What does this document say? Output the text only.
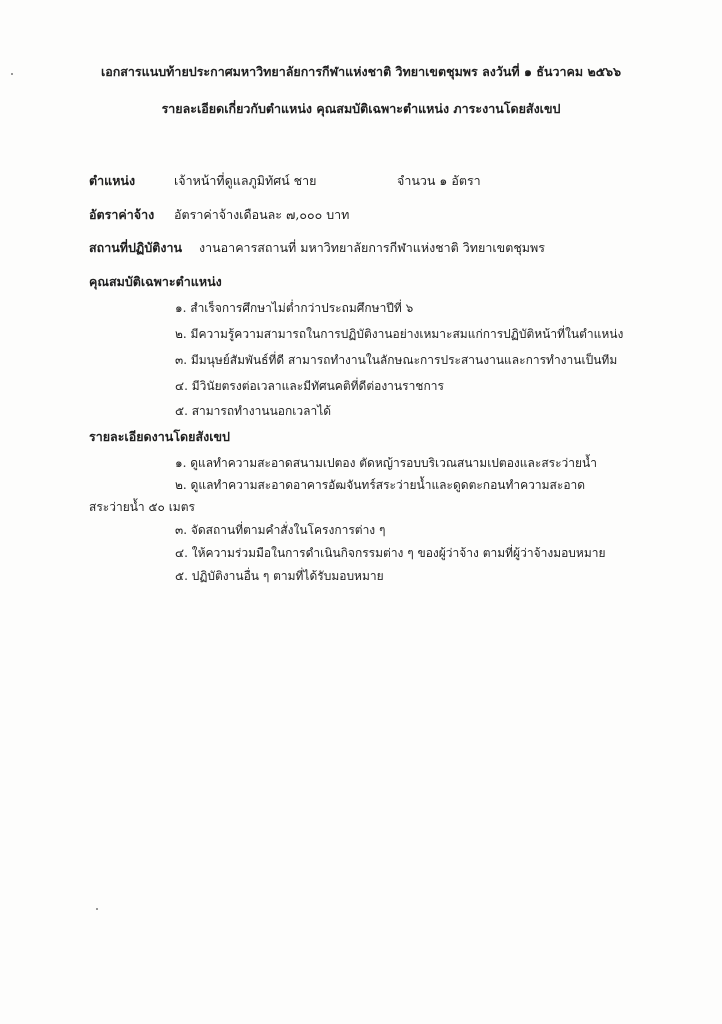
เอกสารแนบท้ายประกาศมหาวิทยาลัยการกีฬาแห่งชาติ วิทยาเขตชุมพร ลงวันที่ ๑ ธันวาคม ๒๕๖๖
รายละเอียดเกี่ยวกับตำแหน่ง คุณสมบัติเฉพาะตำแหน่ง ภาระงานโดยสังเขป
ตำแหน่ง	เจ้าหน้าที่ดูแลภูมิทัศน์ ชาย	จำนวน ๑ อัตรา
อัตราค่าจ้าง อัตราค่าจ้างเดือนละ ๗,๐๐๐ บาท
สถานที่ปฏิบัติงาน งานอาคารสถานที่ มหาวิทยาลัยการกีฬาแห่งชาติ วิทยาเขตชุมพร
คุณสมบัติเฉพาะตำแหน่ง
๑. สำเร็จการศึกษาไม่ต่ำกว่าประถมศึกษาปีที่ ๖
๒. มีความรู้ความสามารถในการปฏิบัติงานอย่างเหมาะสมแก่การปฏิบัติหน้าที่ในตำแหน่ง
๓. มีมนุษย์สัมพันธ์ที่ดี สามารถทำงานในลักษณะการประสานงานและการทำงานเป็นทีม
๔. มีวินัยตรงต่อเวลาและมีทัศนคติที่ดีต่องานราชการ
๕. สามารถทำงานนอกเวลาได้
รายละเอียดงานโดยสังเขป
๑. ดูแลทำความสะอาดสนามเปตอง ตัดหญ้ารอบบริเวณสนามเปตองและสระว่ายน้ำ
๒. ดูแลทำความสะอาดอาคารอัฒจันทร์สระว่ายน้ำและดูดตะกอนทำความสะอาด
สระว่ายน้ำ ๕๐ เมตร
๓. จัดสถานที่ตามคำสั่งในโครงการต่าง ๆ
๔. ให้ความร่วมมือในการดำเนินกิจกรรมต่าง ๆ ของผู้ว่าจ้าง ตามที่ผู้ว่าจ้างมอบหมาย
๕. ปฏิบัติงานอื่น ๆ ตามที่ได้รับมอบหมาย
